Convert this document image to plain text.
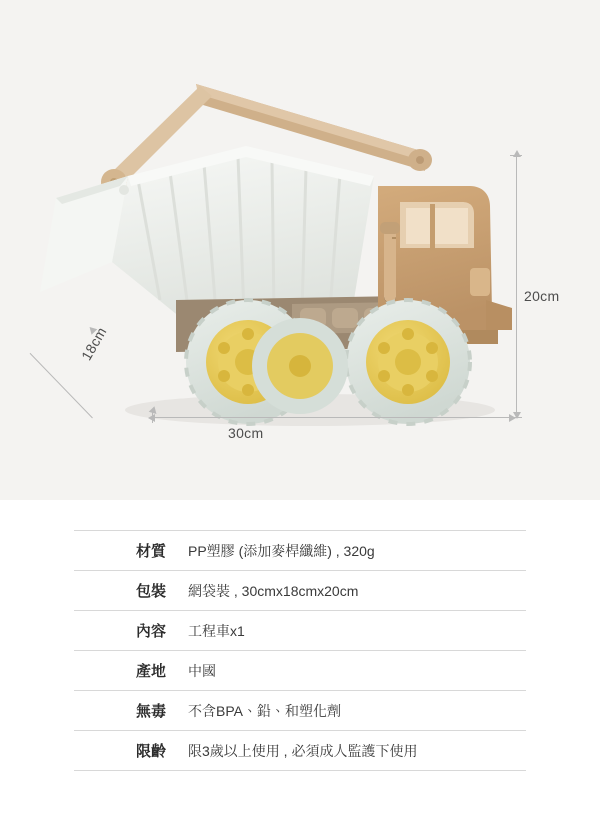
20cm
30cm
18cm
材質	PP塑膠 (添加麥桿纖維) , 320g
包裝	網袋裝 , 30cmx18cmx20cm
內容	工程車x1
產地	中國
無毒	不含BPA、鉛、和塑化劑
限齡	限3歲以上使用 , 必須成人監護下使用
